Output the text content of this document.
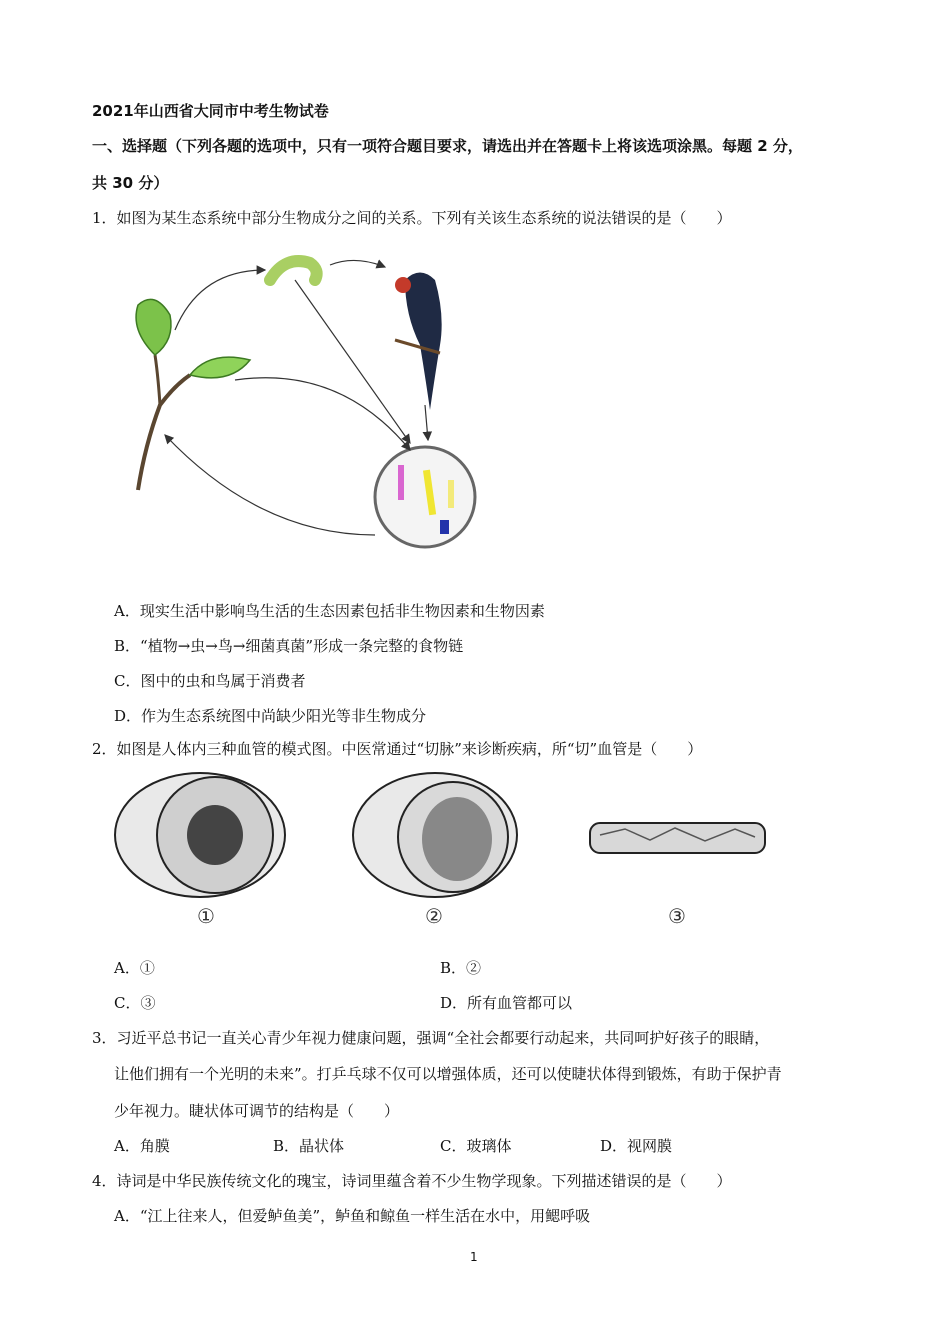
2021年山西省大同市中考生物试卷
一、选择题（下列各题的选项中，只有一项符合题目要求，请选出并在答题卡上将该选项涂黑。每题 2 分，
共 30 分）
1．如图为某生态系统中部分生物成分之间的关系。下列有关该生态系统的说法错误的是（　　）
A．现实生活中影响鸟生活的生态因素包括非生物因素和生物因素
B．“植物→虫→鸟→细菌真菌”形成一条完整的食物链
C．图中的虫和鸟属于消费者
D．作为生态系统图中尚缺少阳光等非生物成分
2．如图是人体内三种血管的模式图。中医常通过“切脉”来诊断疾病，所“切”血管是（　　）
①	②	③
A．①	B．②
C．③	D．所有血管都可以
3．习近平总书记一直关心青少年视力健康问题，强调“全社会都要行动起来，共同呵护好孩子的眼睛，
让他们拥有一个光明的未来”。打乒乓球不仅可以增强体质，还可以使睫状体得到锻炼，有助于保护青
少年视力。睫状体可调节的结构是（　　）
A．角膜	B．晶状体	C．玻璃体	D．视网膜
4．诗词是中华民族传统文化的瑰宝，诗词里蕴含着不少生物学现象。下列描述错误的是（　　）
A．“江上往来人，但爱鲈鱼美”，鲈鱼和鲸鱼一样生活在水中，用鳃呼吸
1
